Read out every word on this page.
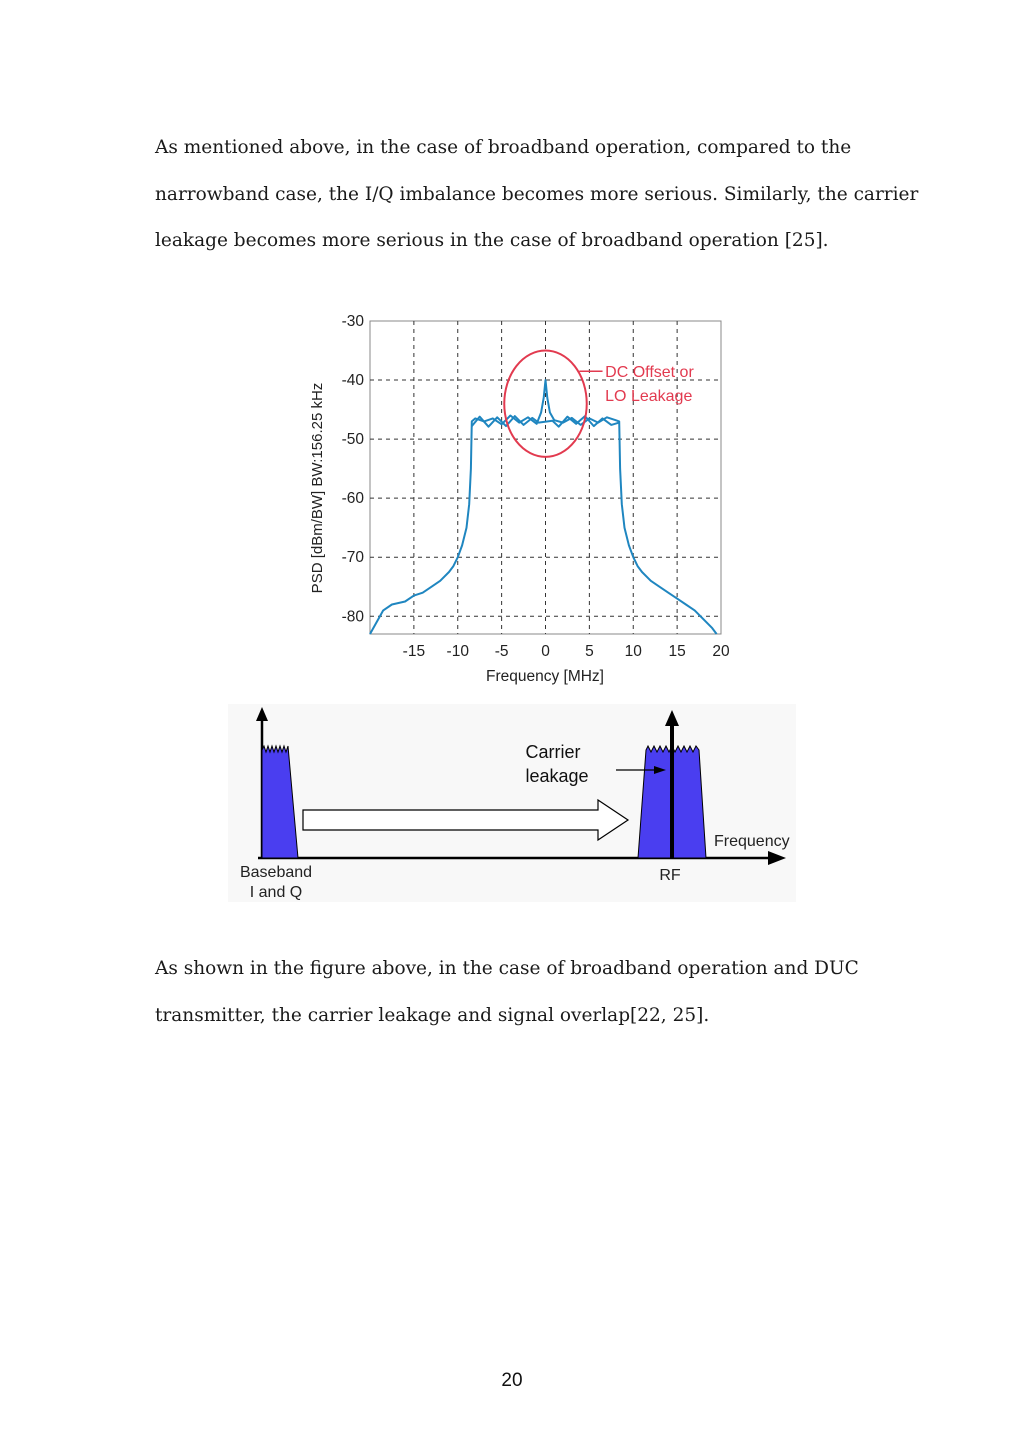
As mentioned above, in the case of broadband operation, compared to the
narrowband case, the I/Q imbalance becomes more serious. Similarly, the carrier
leakage becomes more serious in the case of broadband operation [25].

-15 -10 -5 0 5 10 15 20
-30
-40
-50
-60
-70
-80
DC Offset or
LO Leakage
Frequency [MHz]
PSD [dBm/BW] BW:156.25 kHz
Carrier
leakage
Frequency
Baseband
I and Q
RF

As shown in the figure above, in the case of broadband operation and DUC
transmitter, the carrier leakage and signal overlap[22, 25].

20
